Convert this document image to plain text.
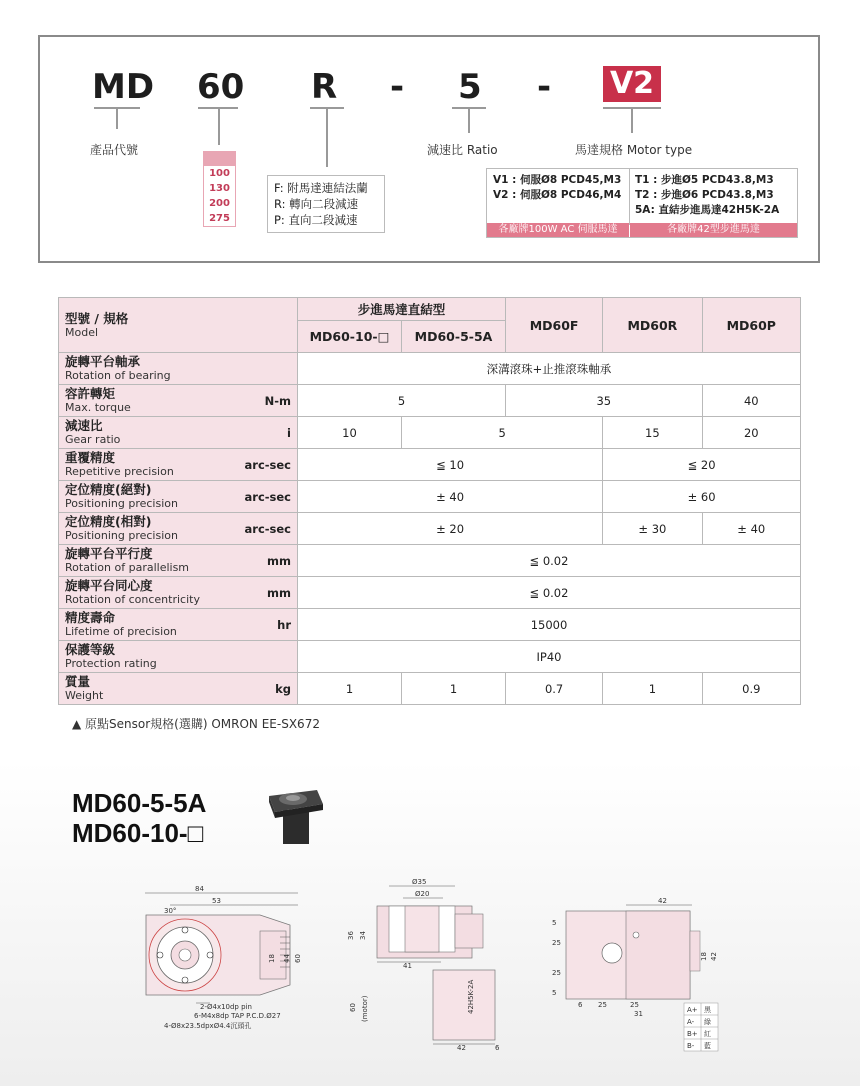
MD 60 R - 5 - V2
產品代號
100
130
200
275
F: 附馬達連結法蘭
R: 轉向二段減速
P: 直向二段減速
減速比 Ratio	馬達規格 Motor type
V1 : 伺服Ø8 PCD45,M3
V2 : 伺服Ø8 PCD46,M4
T1 : 步進Ø5 PCD43.8,M3
T2 : 步進Ø6 PCD43.8,M3
5A: 直結步進馬達42H5K-2A
各廠牌100W AC 伺服馬達	各廠牌42型步進馬達
型號 / 規格
Model		步進馬達直結型		MD60F	MD60R	MD60P
		MD60-10-□	MD60-5-5A			

旋轉平台軸承
Rotation of bearing		深溝滾珠+止推滾珠軸承				

容許轉矩
Max. torque	N-m	5		35		40

減速比
Gear ratio	i	10	5		15	20

重覆精度
Repetitive precision	arc-sec	≦ 10			≦ 20	

定位精度(絕對)
Positioning precision	arc-sec	± 40			± 60	

定位精度(相對)
Positioning precision	arc-sec	± 20			± 30	± 40

旋轉平台平行度
Rotation of parallelism	mm	≦ 0.02				

旋轉平台同心度
Rotation of concentricity	mm	≦ 0.02				

精度壽命
Lifetime of precision	hr	15000				

保護等級
Protection rating		IP40				

質量
Weight	kg	1	1	0.7	1	0.9
▲ 原點Sensor規格(選購) OMRON EE-SX672
MD60-5-5A
MD60-10-□
84
53
30°
18 44 60
2-Ø4x10dp pin
6-M4x8dp TAP P.C.D.Ø27
4-Ø8x23.5dpxØ4.4沉頭孔
Ø35
Ø20
36 34
41
42H5K-2A
60 (motor)
42	6
42
5
25
25
5
6 25	25
31
18 42
A+ 黑
A- 綠
B+ 紅
B- 藍
